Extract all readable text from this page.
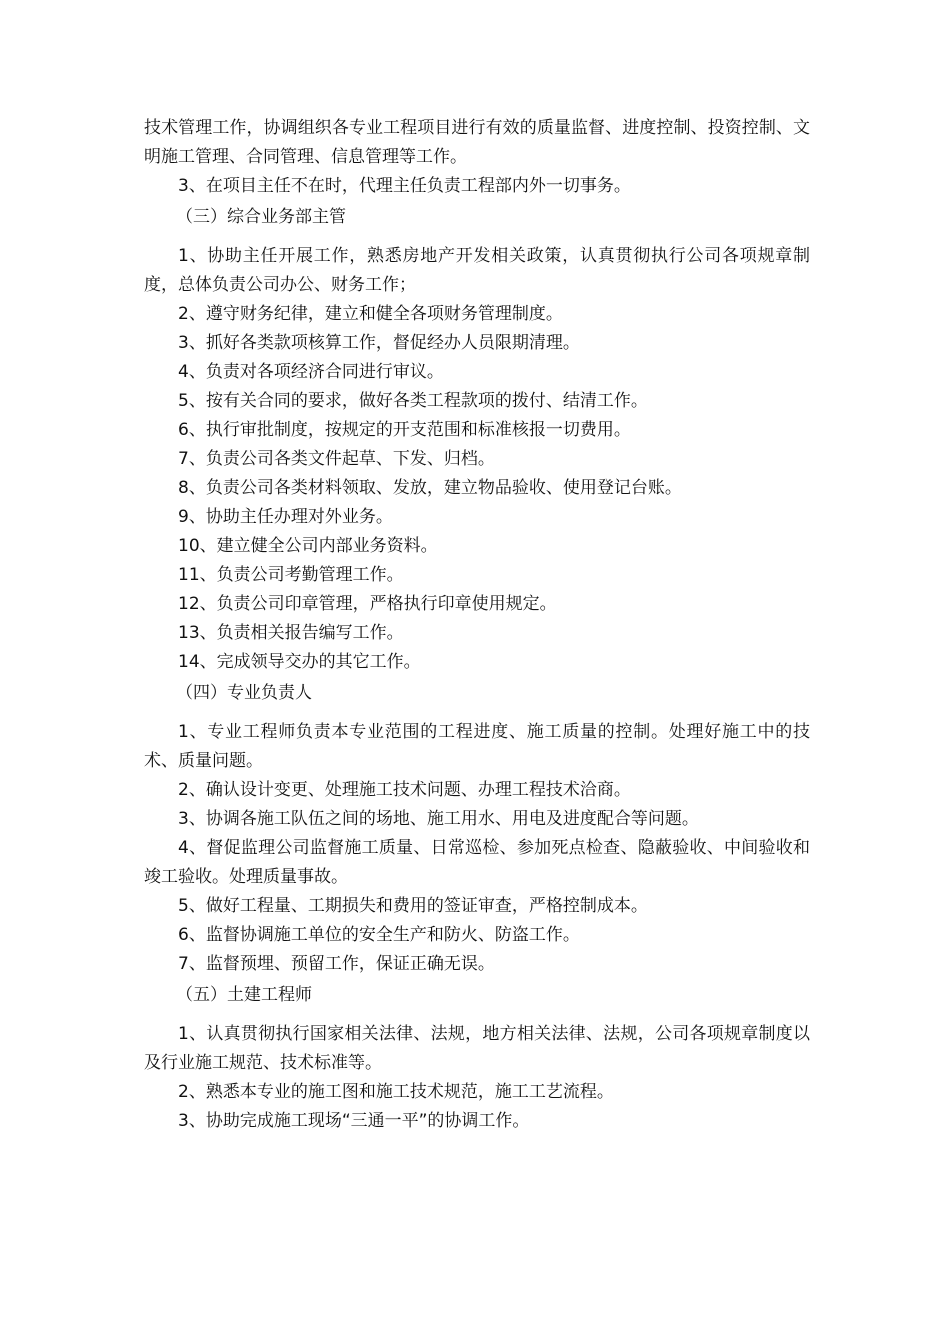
技术管理工作，协调组织各专业工程项目进行有效的质量监督、进度控制、投资控制、文明施工管理、合同管理、信息管理等工作。

3、在项目主任不在时，代理主任负责工程部内外一切事务。

（三）综合业务部主管

1、协助主任开展工作，熟悉房地产开发相关政策，认真贯彻执行公司各项规章制度，总体负责公司办公、财务工作；

2、遵守财务纪律，建立和健全各项财务管理制度。

3、抓好各类款项核算工作，督促经办人员限期清理。

4、负责对各项经济合同进行审议。

5、按有关合同的要求，做好各类工程款项的拨付、结清工作。

6、执行审批制度，按规定的开支范围和标准核报一切费用。

7、负责公司各类文件起草、下发、归档。

8、负责公司各类材料领取、发放，建立物品验收、使用登记台账。

9、协助主任办理对外业务。

10、建立健全公司内部业务资料。

11、负责公司考勤管理工作。

12、负责公司印章管理，严格执行印章使用规定。

13、负责相关报告编写工作。

14、完成领导交办的其它工作。

（四）专业负责人

1、专业工程师负责本专业范围的工程进度、施工质量的控制。处理好施工中的技术、质量问题。

2、确认设计变更、处理施工技术问题、办理工程技术洽商。

3、协调各施工队伍之间的场地、施工用水、用电及进度配合等问题。

4、督促监理公司监督施工质量、日常巡检、参加死点检查、隐蔽验收、中间验收和竣工验收。处理质量事故。

5、做好工程量、工期损失和费用的签证审查，严格控制成本。

6、监督协调施工单位的安全生产和防火、防盗工作。

7、监督预埋、预留工作，保证正确无误。

（五）土建工程师

1、认真贯彻执行国家相关法律、法规，地方相关法律、法规，公司各项规章制度以及行业施工规范、技术标准等。

2、熟悉本专业的施工图和施工技术规范，施工工艺流程。

3、协助完成施工现场“三通一平”的协调工作。
